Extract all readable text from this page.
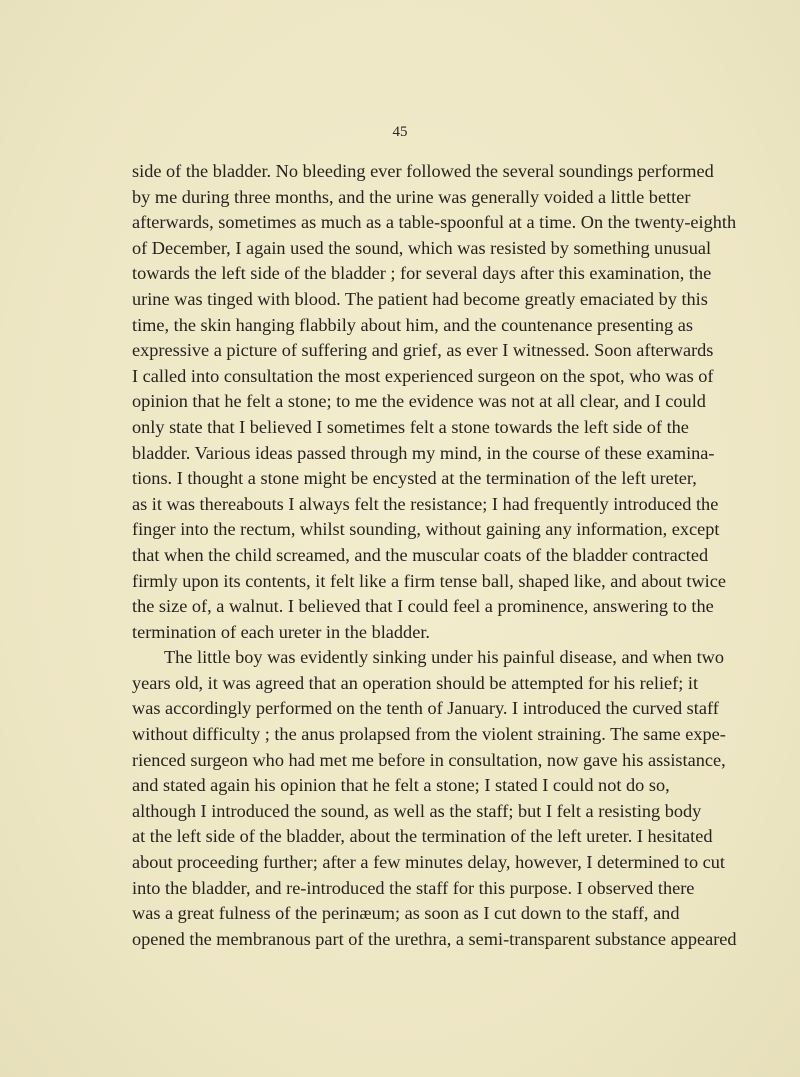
45
side of the bladder. No bleeding ever followed the several soundings performed
by me during three months, and the urine was generally voided a little better
afterwards, sometimes as much as a table-spoonful at a time. On the twenty-eighth
of December, I again used the sound, which was resisted by something unusual
towards the left side of the bladder ; for several days after this examination, the
urine was tinged with blood. The patient had become greatly emaciated by this
time, the skin hanging flabbily about him, and the countenance presenting as
expressive a picture of suffering and grief, as ever I witnessed. Soon afterwards
I called into consultation the most experienced surgeon on the spot, who was of
opinion that he felt a stone; to me the evidence was not at all clear, and I could
only state that I believed I sometimes felt a stone towards the left side of the
bladder. Various ideas passed through my mind, in the course of these examina-
tions. I thought a stone might be encysted at the termination of the left ureter,
as it was thereabouts I always felt the resistance; I had frequently introduced the
finger into the rectum, whilst sounding, without gaining any information, except
that when the child screamed, and the muscular coats of the bladder contracted
firmly upon its contents, it felt like a firm tense ball, shaped like, and about twice
the size of, a walnut. I believed that I could feel a prominence, answering to the
termination of each ureter in the bladder.
The little boy was evidently sinking under his painful disease, and when two
years old, it was agreed that an operation should be attempted for his relief; it
was accordingly performed on the tenth of January. I introduced the curved staff
without difficulty ; the anus prolapsed from the violent straining. The same expe-
rienced surgeon who had met me before in consultation, now gave his assistance,
and stated again his opinion that he felt a stone; I stated I could not do so,
although I introduced the sound, as well as the staff; but I felt a resisting body
at the left side of the bladder, about the termination of the left ureter. I hesitated
about proceeding further; after a few minutes delay, however, I determined to cut
into the bladder, and re-introduced the staff for this purpose. I observed there
was a great fulness of the perinæum; as soon as I cut down to the staff, and
opened the membranous part of the urethra, a semi-transparent substance appeared
